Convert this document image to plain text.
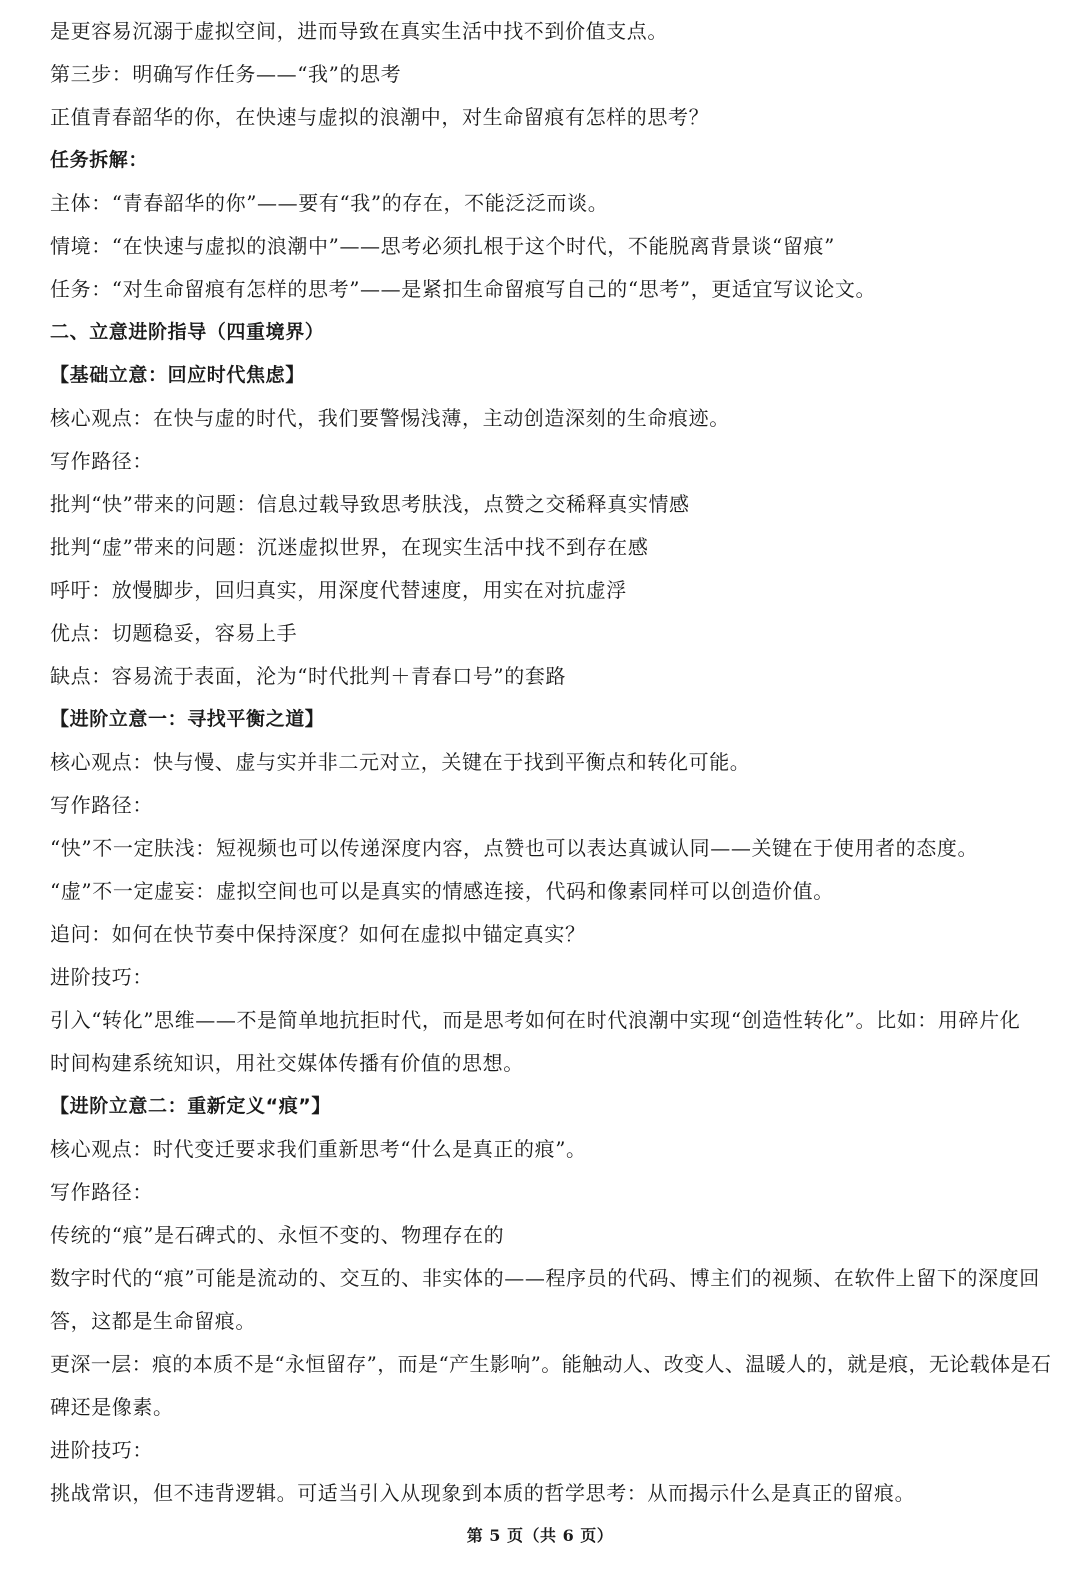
是更容易沉溺于虚拟空间，进而导致在真实生活中找不到价值支点。
第三步：明确写作任务——“我”的思考
正值青春韶华的你，在快速与虚拟的浪潮中，对生命留痕有怎样的思考？
任务拆解：
主体：“青春韶华的你”——要有“我”的存在，不能泛泛而谈。
情境：“在快速与虚拟的浪潮中”——思考必须扎根于这个时代，不能脱离背景谈“留痕”
任务：“对生命留痕有怎样的思考”——是紧扣生命留痕写自己的“思考”，更适宜写议论文。
二、立意进阶指导（四重境界）
【基础立意：回应时代焦虑】
核心观点：在快与虚的时代，我们要警惕浅薄，主动创造深刻的生命痕迹。
写作路径：
批判“快”带来的问题：信息过载导致思考肤浅，点赞之交稀释真实情感
批判“虚”带来的问题：沉迷虚拟世界，在现实生活中找不到存在感
呼吁：放慢脚步，回归真实，用深度代替速度，用实在对抗虚浮
优点：切题稳妥，容易上手
缺点：容易流于表面，沦为“时代批判＋青春口号”的套路
【进阶立意一：寻找平衡之道】
核心观点：快与慢、虚与实并非二元对立，关键在于找到平衡点和转化可能。
写作路径：
“快”不一定肤浅：短视频也可以传递深度内容，点赞也可以表达真诚认同——关键在于使用者的态度。
“虚”不一定虚妄：虚拟空间也可以是真实的情感连接，代码和像素同样可以创造价值。
追问：如何在快节奏中保持深度？如何在虚拟中锚定真实？
进阶技巧：
引入“转化”思维——不是简单地抗拒时代，而是思考如何在时代浪潮中实现“创造性转化”。比如：用碎片化
时间构建系统知识，用社交媒体传播有价值的思想。
【进阶立意二：重新定义“痕”】
核心观点：时代变迁要求我们重新思考“什么是真正的痕”。
写作路径：
传统的“痕”是石碑式的、永恒不变的、物理存在的
数字时代的“痕”可能是流动的、交互的、非实体的——程序员的代码、博主们的视频、在软件上留下的深度回
答，这都是生命留痕。
更深一层：痕的本质不是“永恒留存”，而是“产生影响”。能触动人、改变人、温暖人的，就是痕，无论载体是石
碑还是像素。
进阶技巧：
挑战常识，但不违背逻辑。可适当引入从现象到本质的哲学思考：从而揭示什么是真正的留痕。
第 5 页（共 6 页）
